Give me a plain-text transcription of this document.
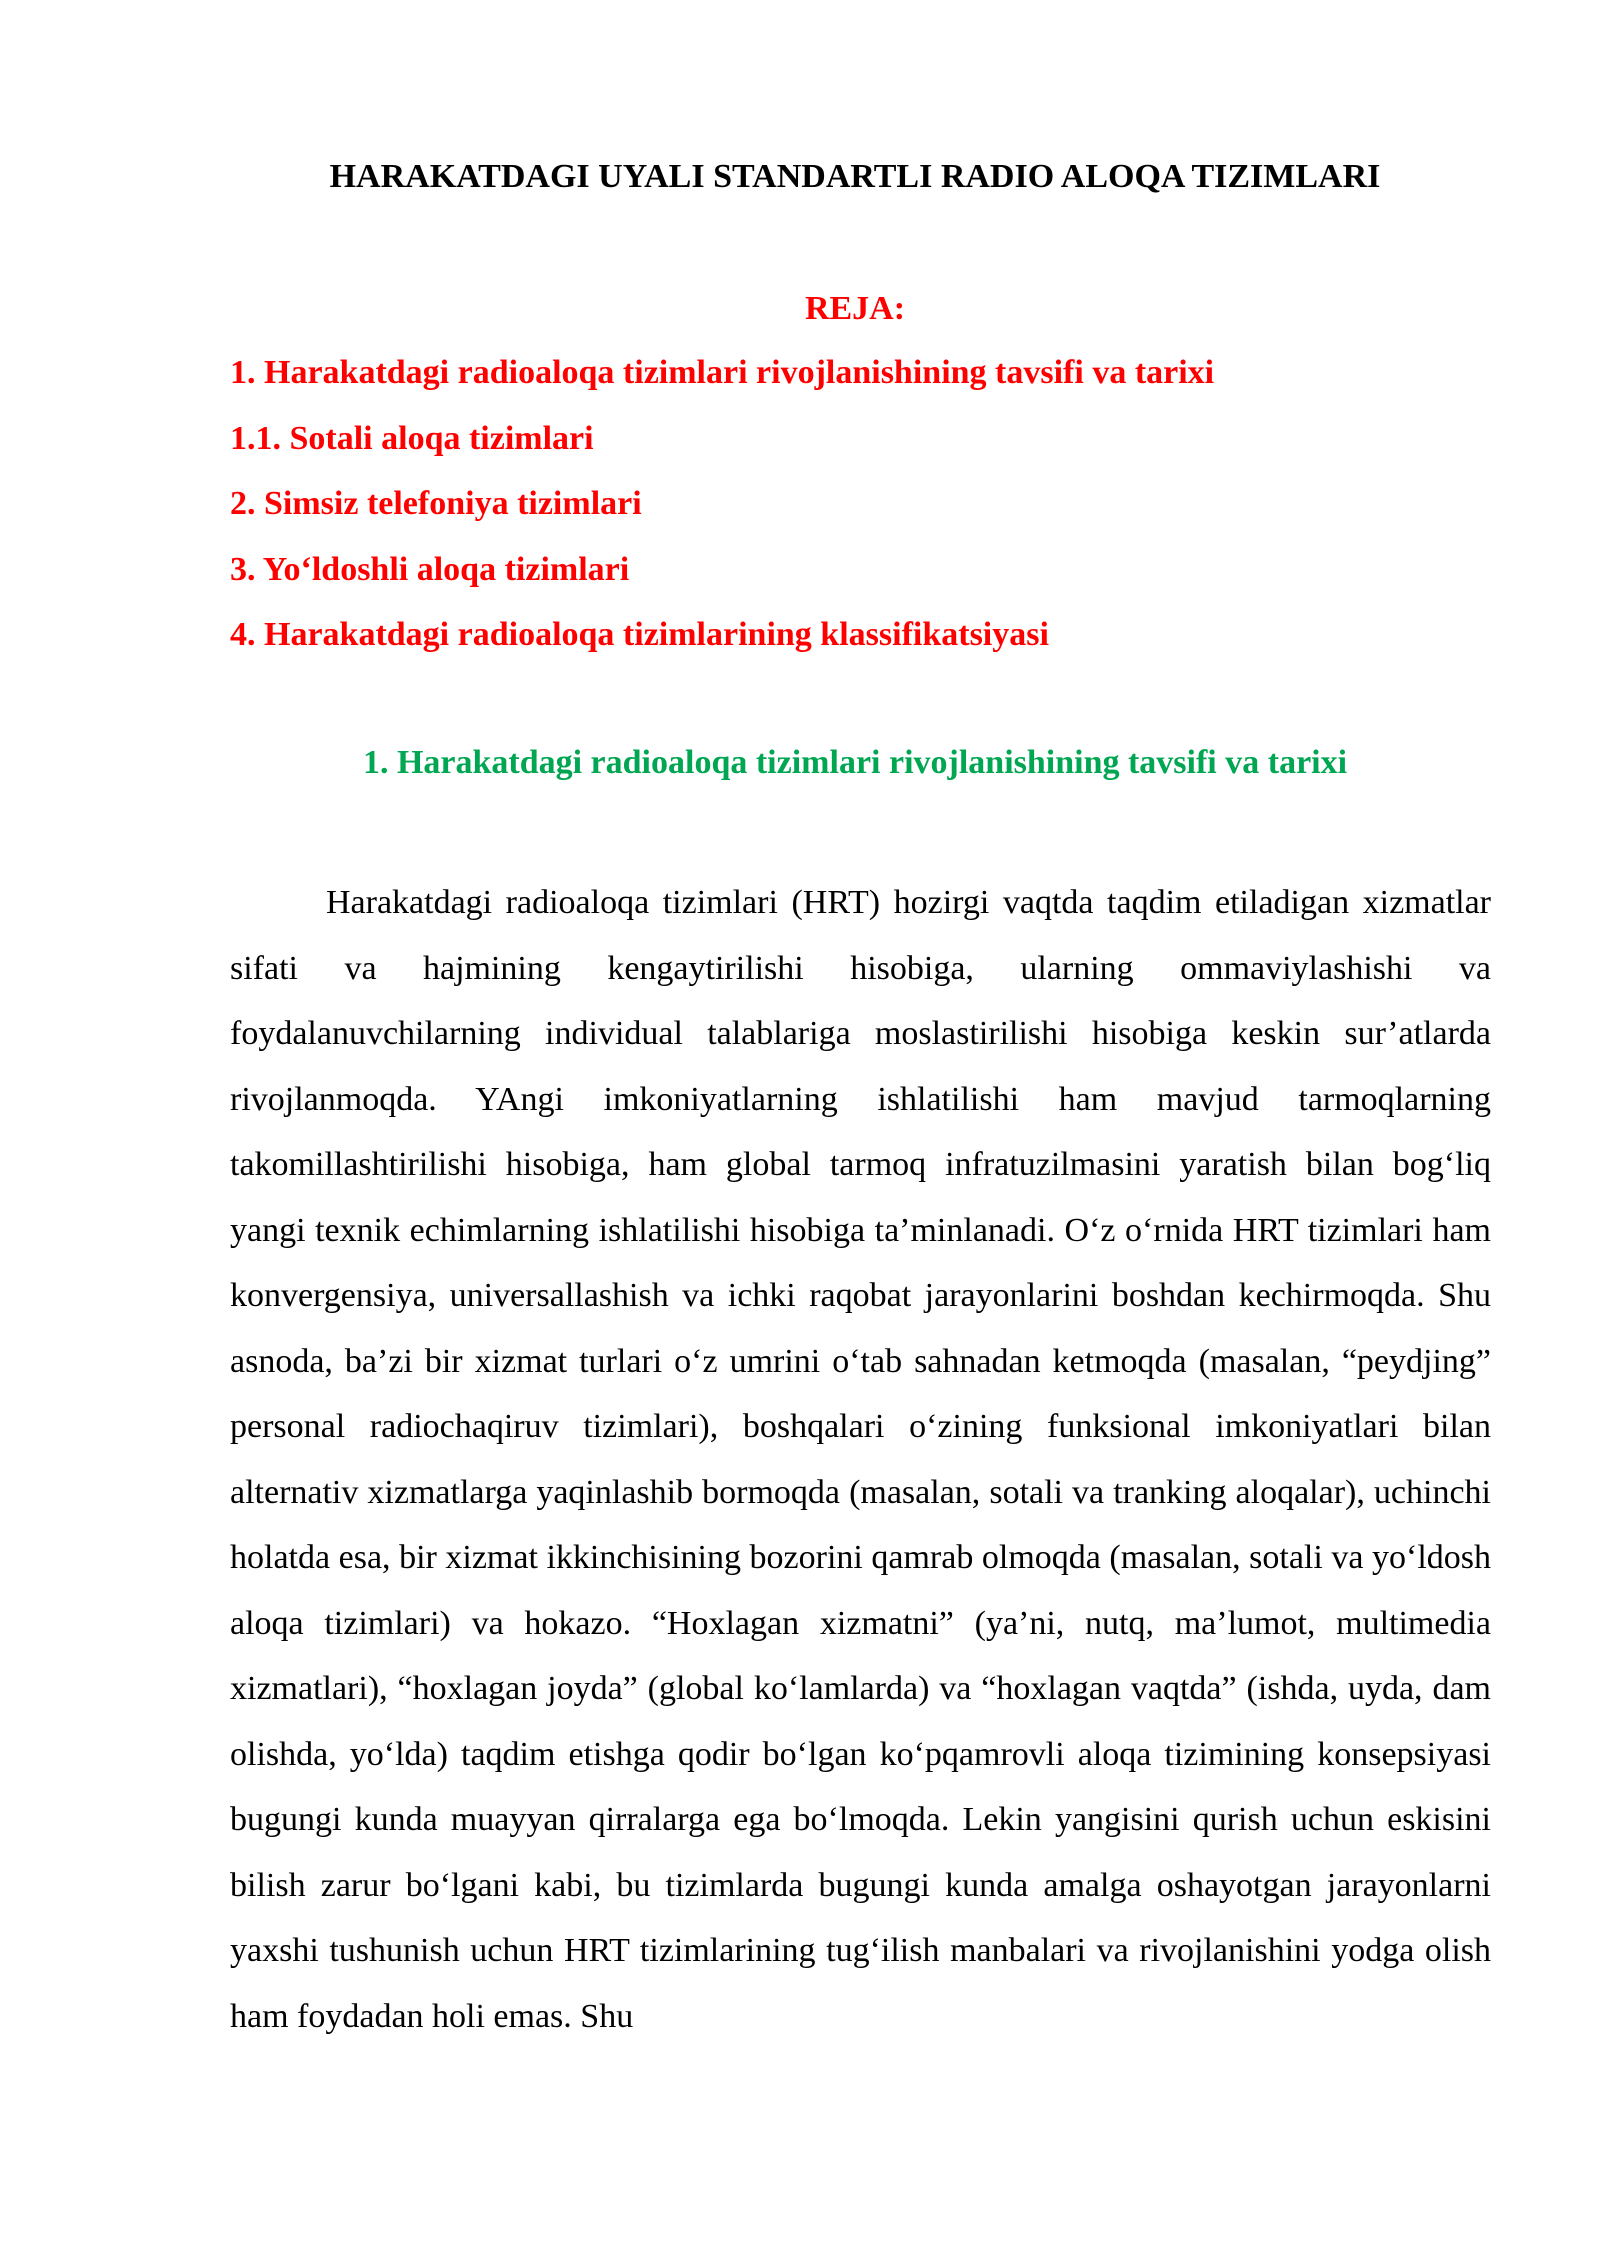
HARAKATDAGI UYALI STANDARTLI RADIO ALOQA TIZIMLARI
REJA:
1. Harakatdagi radioaloqa tizimlari rivojlanishining tavsifi va tarixi
1.1. Sotali aloqa tizimlari
2. Simsiz telefoniya tizimlari
3. Yo‘ldoshli aloqa tizimlari
4. Harakatdagi radioaloqa tizimlarining klassifikatsiyasi
1. Harakatdagi radioaloqa tizimlari rivojlanishining tavsifi va tarixi

Harakatdagi radioaloqa tizimlari (HRT) hozirgi vaqtda taqdim etiladigan xizmatlar sifati va hajmining kengaytirilishi hisobiga, ularning ommaviylashishi va foydalanuvchilarning individual talablariga moslastirilishi hisobiga keskin sur’atlarda rivojlanmoqda. YAngi imkoniyatlarning ishlatilishi ham mavjud tarmoqlarning takomillashtirilishi hisobiga, ham global tarmoq infratuzilmasini yaratish bilan bog‘liq yangi texnik echimlarning ishlatilishi hisobiga ta’minlanadi. O‘z o‘rnida HRT tizimlari ham konvergensiya, universallashish va ichki raqobat jarayonlarini boshdan kechirmoqda. Shu asnoda, ba’zi bir xizmat turlari o‘z umrini o‘tab sahnadan ketmoqda (masalan, “peydjing” personal radiochaqiruv tizimlari), boshqalari o‘zining funksional imkoniyatlari bilan alternativ xizmatlarga yaqinlashib bormoqda (masalan, sotali va tranking aloqalar), uchinchi holatda esa, bir xizmat ikkinchisining bozorini qamrab olmoqda (masalan, sotali va yo‘ldosh aloqa tizimlari) va hokazo. “Hoxlagan xizmatni” (ya’ni, nutq, ma’lumot, multimedia xizmatlari), “hoxlagan joyda” (global ko‘lamlarda) va “hoxlagan vaqtda” (ishda, uyda, dam olishda, yo‘lda) taqdim etishga qodir bo‘lgan ko‘pqamrovli aloqa tizimining konsepsiyasi bugungi kunda muayyan qirralarga ega bo‘lmoqda. Lekin yangisini qurish uchun eskisini bilish zarur bo‘lgani kabi, bu tizimlarda bugungi kunda amalga oshayotgan jarayonlarni yaxshi tushunish uchun HRT tizimlarining tug‘ilish manbalari va rivojlanishini yodga olish ham foydadan holi emas. Shu
